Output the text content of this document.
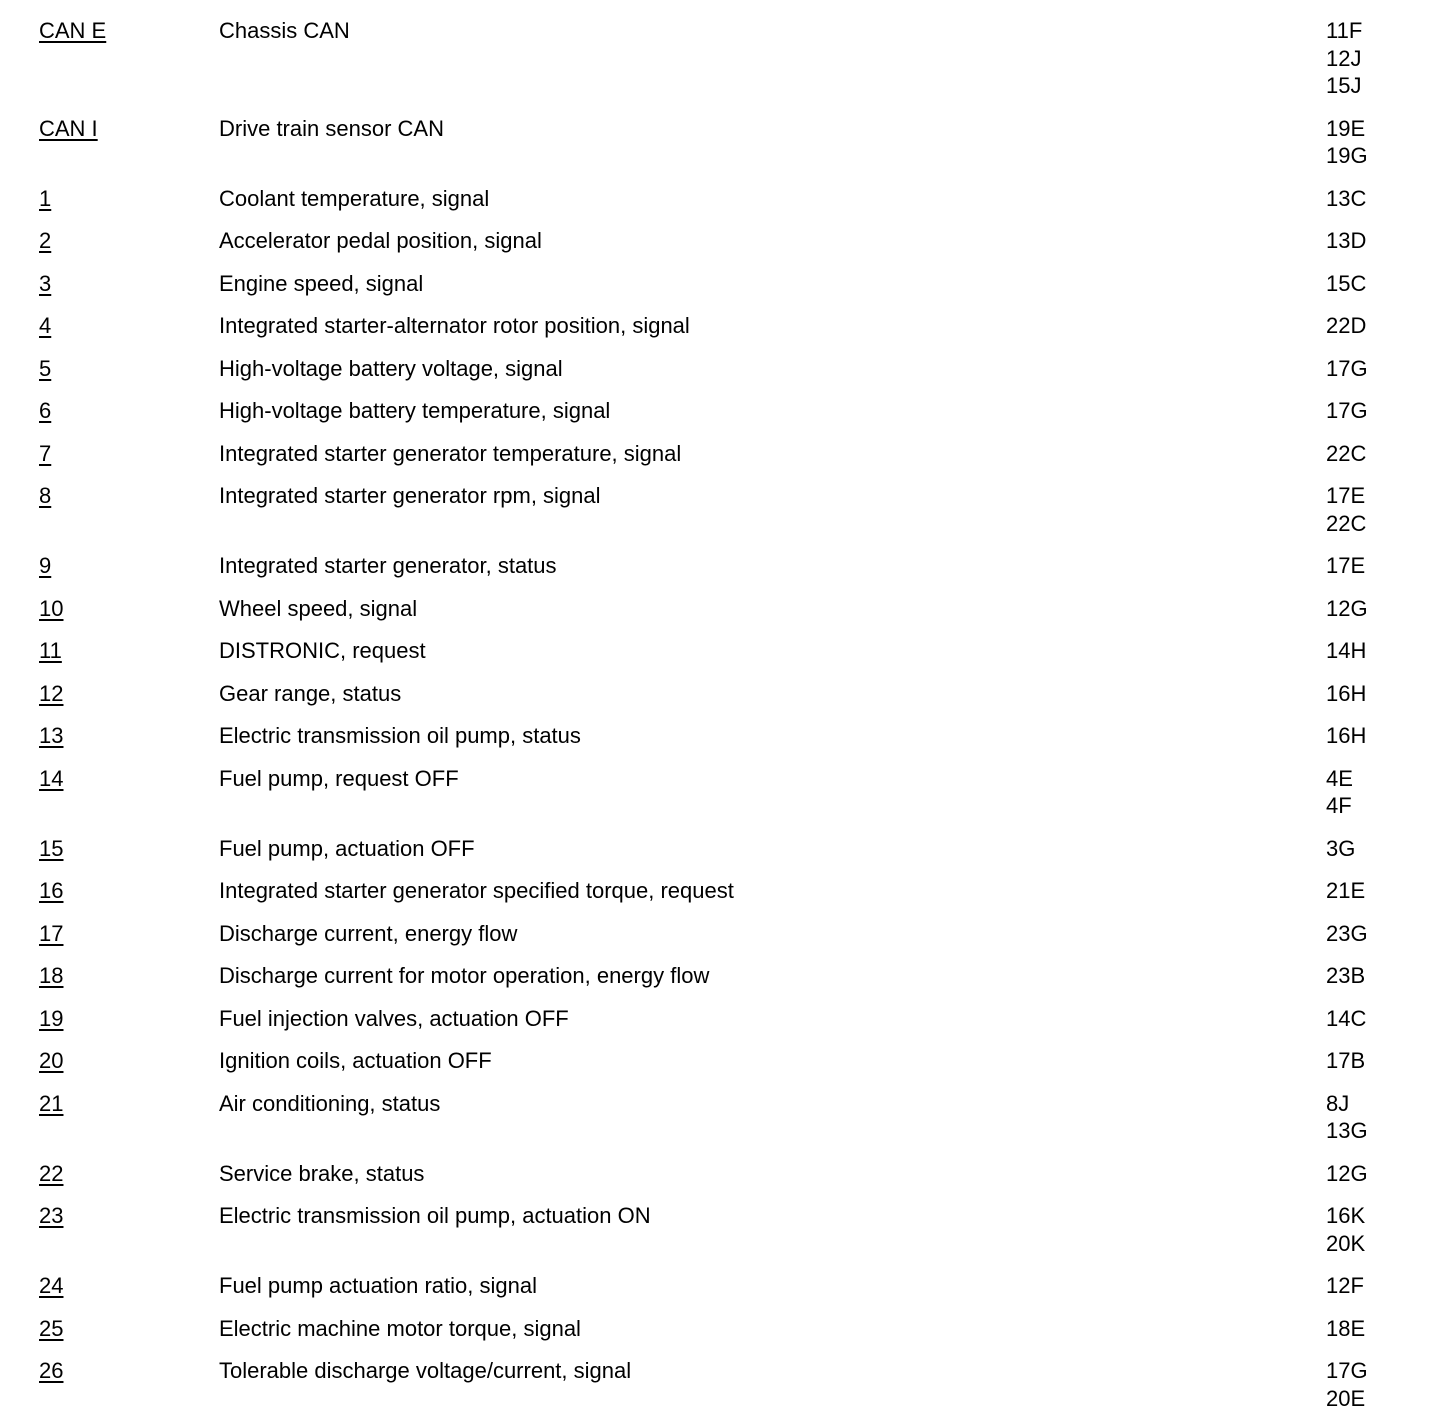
CAN E	Chassis CAN	11F
12J
15J
CAN I	Drive train sensor CAN	19E
19G
1	Coolant temperature, signal	13C
2	Accelerator pedal position, signal	13D
3	Engine speed, signal	15C
4	Integrated starter-alternator rotor position, signal	22D
5	High-voltage battery voltage, signal	17G
6	High-voltage battery temperature, signal	17G
7	Integrated starter generator temperature, signal	22C
8	Integrated starter generator rpm, signal	17E
22C
9	Integrated starter generator, status	17E
10	Wheel speed, signal	12G
11	DISTRONIC, request	14H
12	Gear range, status	16H
13	Electric transmission oil pump, status	16H
14	Fuel pump, request OFF	4E
4F
15	Fuel pump, actuation OFF	3G
16	Integrated starter generator specified torque, request	21E
17	Discharge current, energy flow	23G
18	Discharge current for motor operation, energy flow	23B
19	Fuel injection valves, actuation OFF	14C
20	Ignition coils, actuation OFF	17B
21	Air conditioning, status	8J
13G
22	Service brake, status	12G
23	Electric transmission oil pump, actuation ON	16K
20K
24	Fuel pump actuation ratio, signal	12F
25	Electric machine motor torque, signal	18E
26	Tolerable discharge voltage/current, signal	17G
20E
